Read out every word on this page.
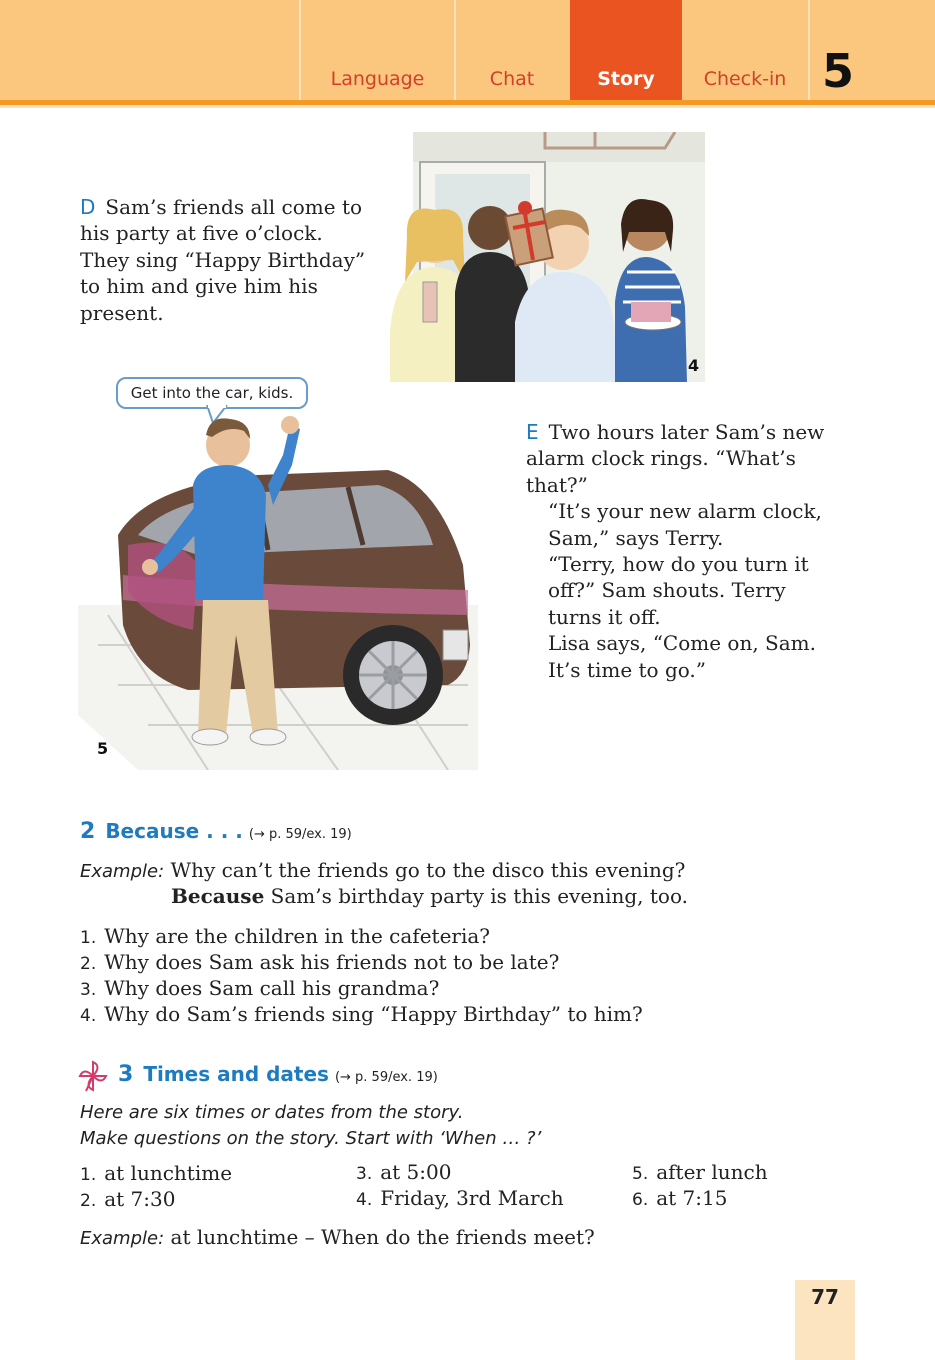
Language	Chat	Story	Check-in 5
D Sam’s friends all come to his party at five o’clock. They sing “Happy Birthday” to him and give him his present.
4
Get into the car, kids.
5
E Two hours later Sam’s new alarm clock rings. “What’s that?”
“It’s your new alarm clock, Sam,” says Terry.
“Terry, how do you turn it off?” Sam shouts. Terry turns it off.
Lisa says, “Come on, Sam. It’s time to go.”
2 Because . . . (→ p. 59/ex. 19)
Example: Why can’t the friends go to the disco this evening?
Because Sam’s birthday party is this evening, too.
1. Why are the children in the cafeteria?
2. Why does Sam ask his friends not to be late?
3. Why does Sam call his grandma?
4. Why do Sam’s friends sing “Happy Birthday” to him?
3 Times and dates (→ p. 59/ex. 19)
Here are six times or dates from the story.
Make questions on the story. Start with ‘When … ?’
1. at lunchtime
2. at 7:30
3. at 5:00
4. Friday, 3rd March
5. after lunch
6. at 7:15
Example: at lunchtime – When do the friends meet?
77
